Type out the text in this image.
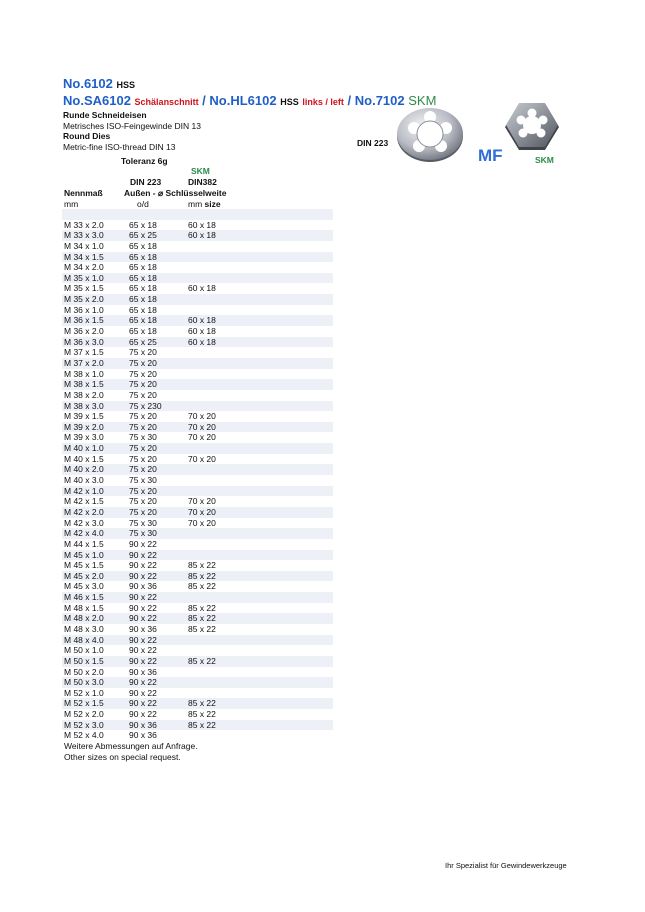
No.6102 HSS
No.SA6102 Schälanschnitt / No.HL6102 HSS links / left / No.7102 SKM
Runde Schneideisen
Metrisches ISO-Feingewinde DIN 13
Round Dies
Metric-fine ISO-thread DIN 13	DIN 223
MF	SKM
Toleranz 6g
SKM
DIN 223	DIN382
Nennmaß	Außen - ⌀ Schlüsselweite
mm	o/d	mm size
M 33 x 2.0	65 x 18	60 x 18
M 33 x 3.0	65 x 25	60 x 18
M 34 x 1.0	65 x 18
M 34 x 1.5	65 x 18
M 34 x 2.0	65 x 18
M 35 x 1.0	65 x 18
M 35 x 1.5	65 x 18	60 x 18
M 35 x 2.0	65 x 18
M 36 x 1.0	65 x 18
M 36 x 1.5	65 x 18	60 x 18
M 36 x 2.0	65 x 18	60 x 18
M 36 x 3.0	65 x 25	60 x 18
M 37 x 1.5	75 x 20
M 37 x 2.0	75 x 20
M 38 x 1.0	75 x 20
M 38 x 1.5	75 x 20
M 38 x 2.0	75 x 20
M 38 x 3.0	75 x 230
M 39 x 1.5	75 x 20	70 x 20
M 39 x 2.0	75 x 20	70 x 20
M 39 x 3.0	75 x 30	70 x 20
M 40 x 1.0	75 x 20
M 40 x 1.5	75 x 20	70 x 20
M 40 x 2.0	75 x 20
M 40 x 3.0	75 x 30
M 42 x 1.0	75 x 20
M 42 x 1.5	75 x 20	70 x 20
M 42 x 2.0	75 x 20	70 x 20
M 42 x 3.0	75 x 30	70 x 20
M 42 x 4.0	75 x 30
M 44 x 1.5	90 x 22
M 45 x 1.0	90 x 22
M 45 x 1.5	90 x 22	85 x 22
M 45 x 2.0	90 x 22	85 x 22
M 45 x 3.0	90 x 36	85 x 22
M 46 x 1.5	90 x 22
M 48 x 1.5	90 x 22	85 x 22
M 48 x 2.0	90 x 22	85 x 22
M 48 x 3.0	90 x 36	85 x 22
M 48 x 4.0	90 x 22
M 50 x 1.0	90 x 22
M 50 x 1.5	90 x 22	85 x 22
M 50 x 2.0	90 x 36
M 50 x 3.0	90 x 22
M 52 x 1.0	90 x 22
M 52 x 1.5	90 x 22	85 x 22
M 52 x 2.0	90 x 22	85 x 22
M 52 x 3.0	90 x 36	85 x 22
M 52 x 4.0	90 x 36
Weitere Abmessungen auf Anfrage.
Other sizes on special request.
Ihr Spezialist für Gewindewerkzeuge
